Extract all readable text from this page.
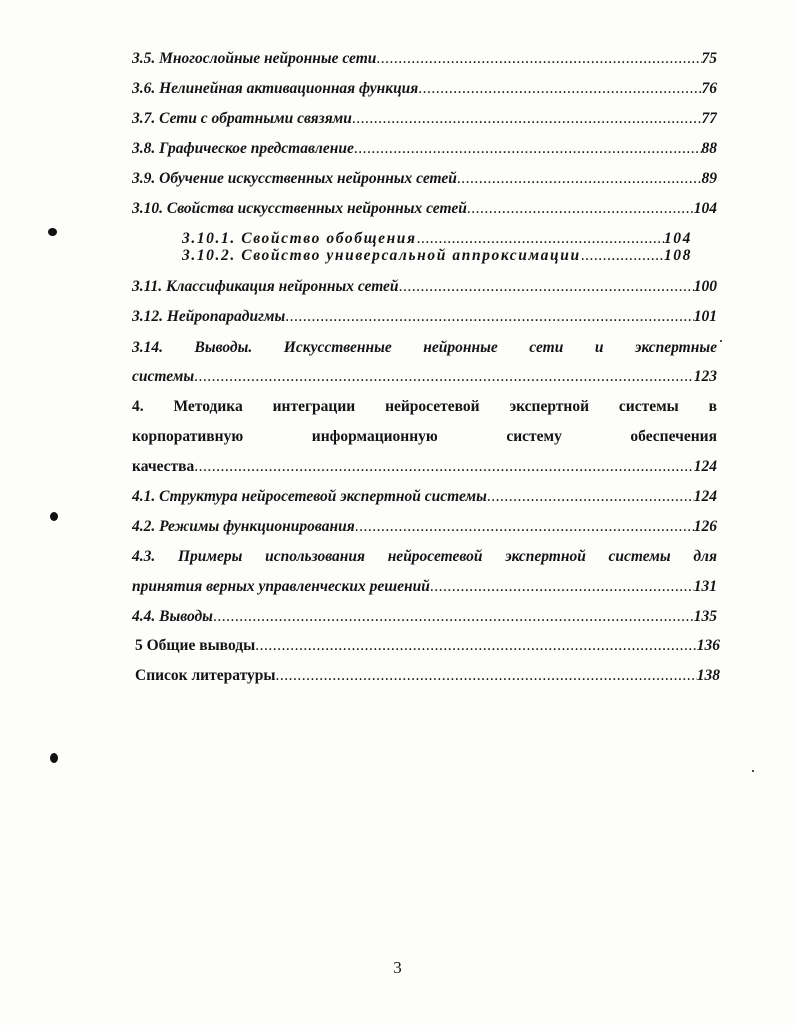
3.5. Многослойные нейронные сети .....	75
3.6. Нелинейная активационная функция .....	76
3.7. Сети с обратными связями .....	77
3.8. Графическое представление .....	88
3.9. Обучение искусственных нейронных сетей .....	89
3.10. Свойства искусственных нейронных сетей .....	104
3.10.1. Свойство обобщения .....	104
3.10.2. Свойство универсальной аппроксимации .....	108
3.11. Классификация нейронных сетей .....	100
3.12. Нейропарадигмы .....	101
3.14. Выводы. Искусственные нейронные сети и экспертные
системы .....	123
4. Методика интеграции нейросетевой экспертной системы в
корпоративную	информационную	систему	обеспечения
качества .....	124
4.1. Структура нейросетевой экспертной системы .....	124
4.2. Режимы функционирования .....	126
4.3. Примеры использования нейросетевой экспертной системы для
принятия верных управленческих решений .....	131
4.4. Выводы .....	135
5 Общие выводы .....	136
Список литературы .....	138
3
